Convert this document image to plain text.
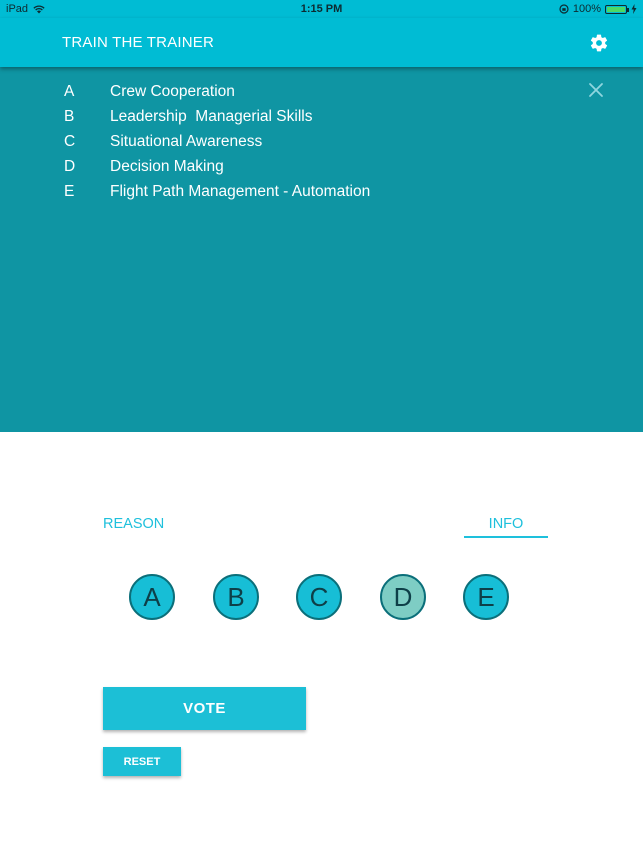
iPad	1:15 PM	100%
TRAIN THE TRAINER
A	Crew Cooperation
B	Leadership  Managerial Skills
C	Situational Awareness
D	Decision Making
E	Flight Path Management - Automation
REASON	INFO
A	B	C	D	E
VOTE
RESET
